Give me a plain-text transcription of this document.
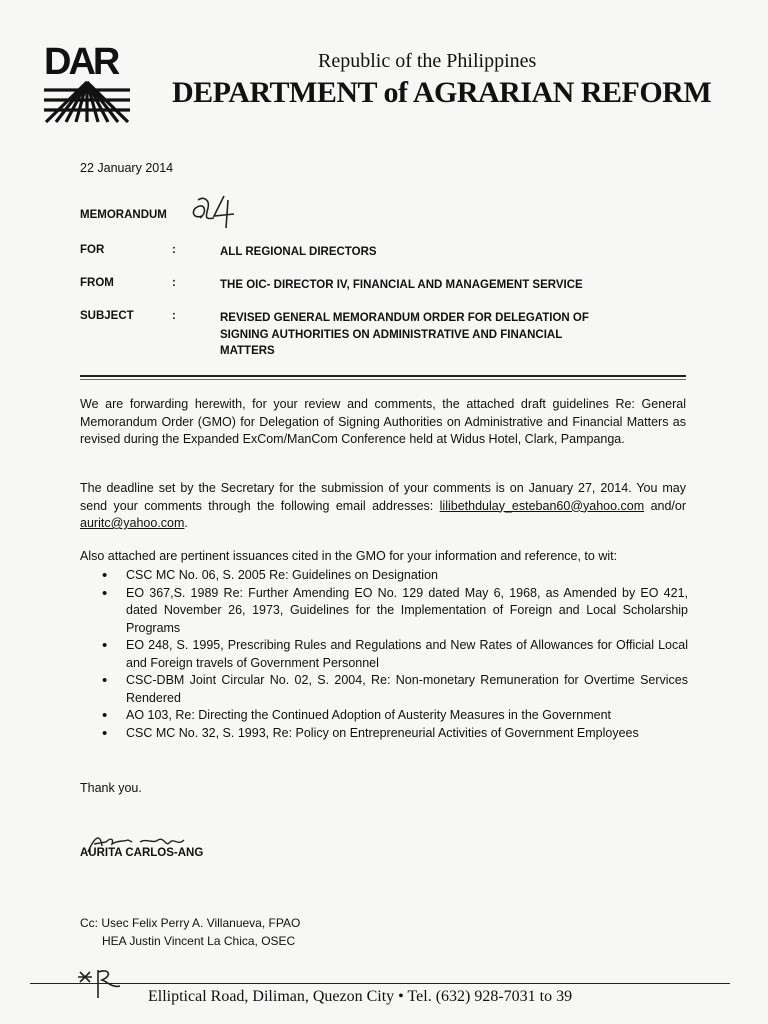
DAR	Republic of the Philippines
DEPARTMENT of AGRARIAN REFORM
22 January 2014
MEMORANDUM
FOR	:	ALL REGIONAL DIRECTORS
FROM	:	THE OIC- DIRECTOR IV, FINANCIAL AND MANAGEMENT SERVICE
SUBJECT	:	REVISED GENERAL MEMORANDUM ORDER FOR DELEGATION OF SIGNING AUTHORITIES ON ADMINISTRATIVE AND FINANCIAL MATTERS
We are forwarding herewith, for your review and comments, the attached draft guidelines Re: General Memorandum Order (GMO) for Delegation of Signing Authorities on Administrative and Financial Matters as revised during the Expanded ExCom/ManCom Conference held at Widus Hotel, Clark, Pampanga.
The deadline set by the Secretary for the submission of your comments is on January 27, 2014. You may send your comments through the following email addresses: lilibethdulay_esteban60@yahoo.com and/or auritc@yahoo.com.
Also attached are pertinent issuances cited in the GMO for your information and reference, to wit:
• CSC MC No. 06, S. 2005 Re: Guidelines on Designation
• EO 367,S. 1989 Re: Further Amending EO No. 129 dated May 6, 1968, as Amended by EO 421, dated November 26, 1973, Guidelines for the Implementation of Foreign and Local Scholarship Programs
• EO 248, S. 1995, Prescribing Rules and Regulations and New Rates of Allowances for Official Local and Foreign travels of Government Personnel
• CSC-DBM Joint Circular No. 02, S. 2004, Re: Non-monetary Remuneration for Overtime Services Rendered
• AO 103, Re: Directing the Continued Adoption of Austerity Measures in the Government
• CSC MC No. 32, S. 1993, Re: Policy on Entrepreneurial Activities of Government Employees
Thank you.
AURITA CARLOS-ANG
Cc: Usec Felix Perry A. Villanueva, FPAO
HEA Justin Vincent La Chica, OSEC
Elliptical Road, Diliman, Quezon City • Tel. (632) 928-7031 to 39
